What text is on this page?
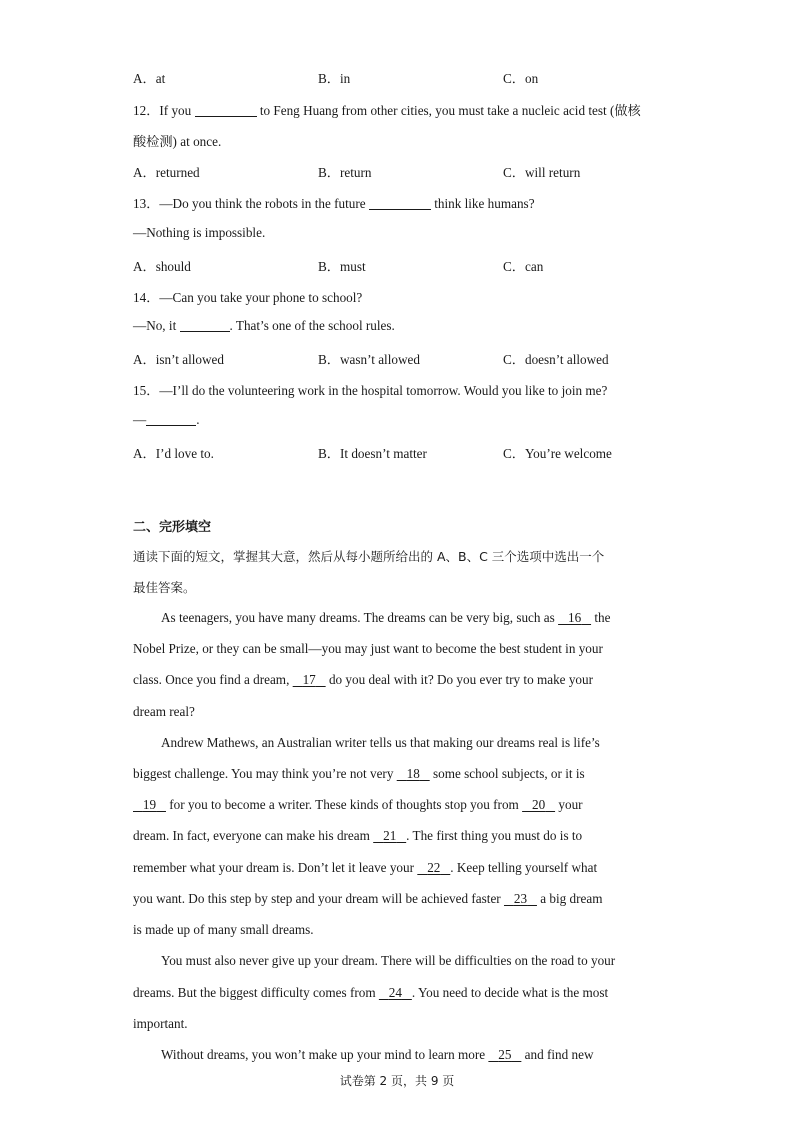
A．at	B．in	C．on
12．If you	to Feng Huang from other cities, you must take a nucleic acid test (做核
酸检测) at once.
A．returned	B．return	C．will return
13．—Do you think the robots in the future	think like humans?
—Nothing is impossible.
A．should	B．must	C．can
14．—Can you take your phone to school?
—No, it	. That’s one of the school rules.
A．isn’t allowed	B．wasn’t allowed	C．doesn’t allowed
15．—I’ll do the volunteering work in the hospital tomorrow. Would you like to join me?
—	.
A．I’d love to.	B．It doesn’t matter	C．You’re welcome
二、完形填空
通读下面的短文，掌握其大意，然后从每小题所给出的 A、B、C 三个选项中选出一个
最佳答案。
As teenagers, you have many dreams. The dreams can be very big, such as 16 the
Nobel Prize, or they can be small—you may just want to become the best student in your
class. Once you find a dream, 17 do you deal with it? Do you ever try to make your
dream real?
Andrew Mathews, an Australian writer tells us that making our dreams real is life’s
biggest challenge. You may think you’re not very 18 some school subjects, or it is
19 for you to become a writer. These kinds of thoughts stop you from 20 your
dream. In fact, everyone can make his dream 21 . The first thing you must do is to
remember what your dream is. Don’t let it leave your 22 . Keep telling yourself what
you want. Do this step by step and your dream will be achieved faster 23 a big dream
is made up of many small dreams.
You must also never give up your dream. There will be difficulties on the road to your
dreams. But the biggest difficulty comes from 24 . You need to decide what is the most
important.
Without dreams, you won’t make up your mind to learn more 25 and find new
试卷第 2 页，共 9 页
